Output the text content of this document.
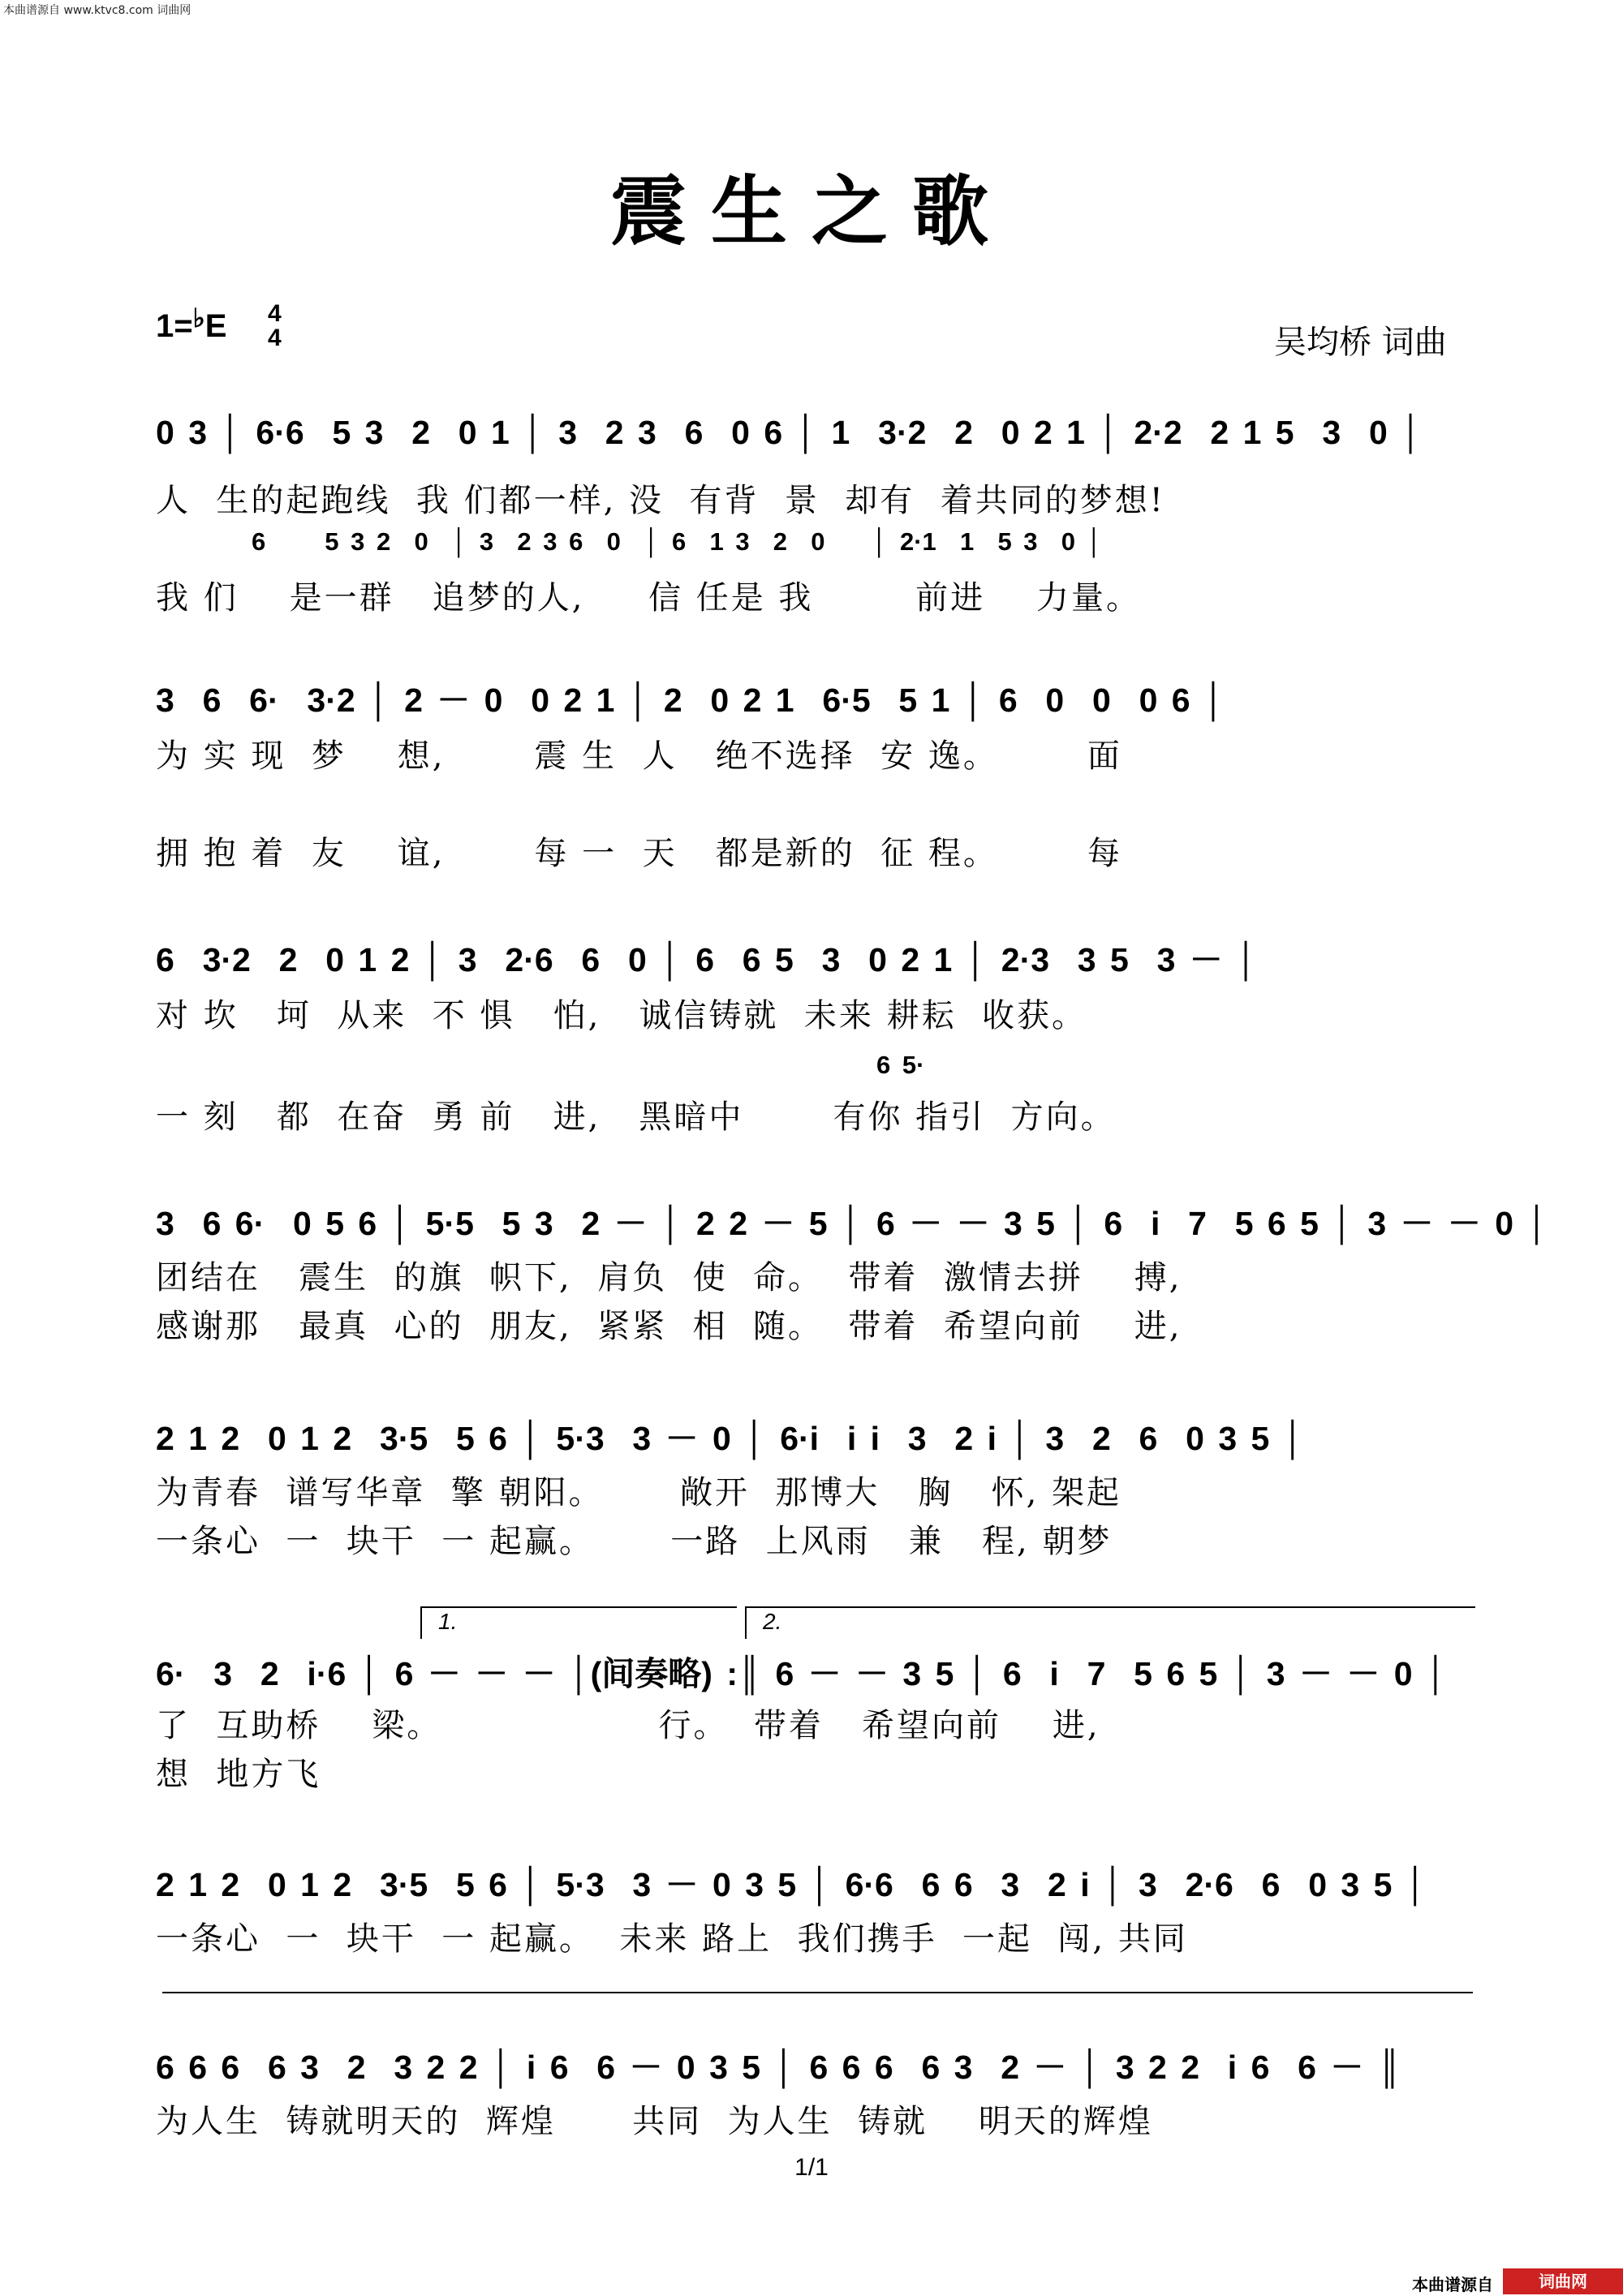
本曲谱源自 www.ktvc8.com 词曲网
震生之歌
1=♭E 4
4	吴均桥 词曲
0 3 │ 6·6  5 3  2  0 1 │ 3  2 3  6  0 6 │ 1  3·2  2  0 2 1 │ 2·2  2 1 5  3  0 │
人  生的起跑线  我 们都一样, 没  有背  景  却有  着共同的梦想!
6     5 3 2  0  │ 3  2 3 6  0  │ 6  1 3  2  0    │ 2·1  1  5 3  0 │
我 们    是一群   追梦的人,     信 任是 我        前进    力量。
3  6  6·  3·2 │ 2 － 0  0 2 1 │ 2  0 2 1  6·5  5 1 │ 6  0  0  0 6 │
为 实 现  梦    想,       震 生  人   绝不选择  安 逸。       面
拥 抱 着  友    谊,       每 一  天   都是新的  征 程。       每
6  3·2  2  0 1 2 │ 3  2·6  6  0 │ 6  6 5  3  0 2 1 │ 2·3  3 5  3 － │
对 坎   坷  从来  不 惧   怕,   诚信铸就  未来 耕耘  收获。
6 5·
一 刻   都  在奋  勇 前   进,   黑暗中       有你 指引  方向。
3  6 6·  0 5 6 │ 5·5  5 3  2 － │ 2 2 － 5 │ 6 － － 3 5 │ 6  i  7  5 6 5 │ 3 － － 0 │
团结在   震生  的旗  帜下,  肩负  使  命。  带着  激情去拼    搏,
感谢那   最真  心的  朋友,  紧紧  相  随。  带着  希望向前    进,
2 1 2  0 1 2  3·5  5 6 │ 5·3  3 － 0 │ 6·i  i i  3  2 i │ 3  2  6  0 3 5 │
为青春  谱写华章  擎 朝阳。      敞开  那博大   胸   怀, 架起
一条心  一  块干  一 起赢。      一路  上风雨   兼   程, 朝梦
1.	2.
6·  3  2  i·6 │ 6 － － － │(间奏略) :║ 6 － － 3 5 │ 6  i  7  5 6 5 │ 3 － － 0 │
了  互助桥    梁。                 行。  带着   希望向前    进,
想  地方飞
2 1 2  0 1 2  3·5  5 6 │ 5·3  3 － 0 3 5 │ 6·6  6 6  3  2 i │ 3  2·6  6  0 3 5 │
一条心  一  块干  一 起赢。  未来 路上  我们携手  一起  闯, 共同
6 6 6  6 3  2  3 2 2 │ i 6  6 － 0 3 5 │ 6 6 6  6 3  2 － │ 3 2 2  i 6  6 － ║
为人生  铸就明天的  辉煌      共同  为人生  铸就    明天的辉煌
1/1
本曲谱源自	词曲网
